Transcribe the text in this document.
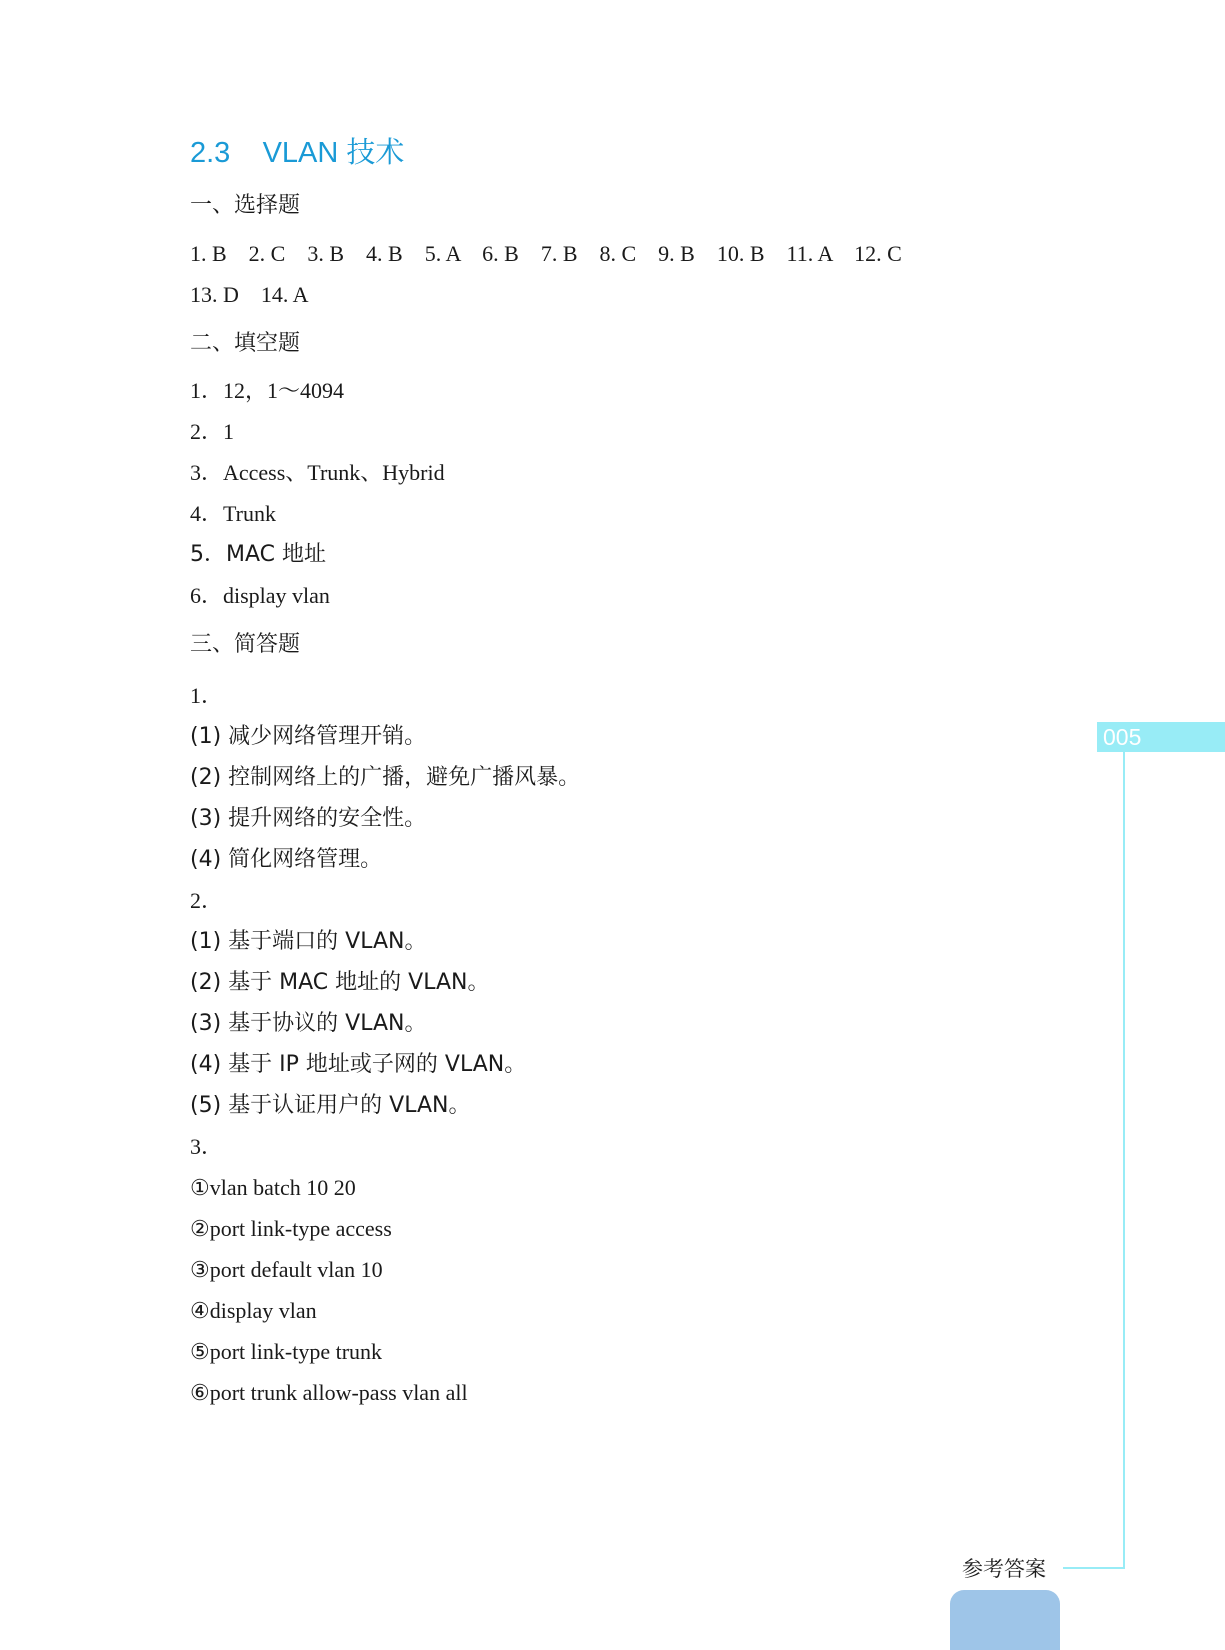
2.3 VLAN 技术
一、选择题
1. B　2. C　3. B　4. B　5. A　6. B　7. B　8. C　9. B　10. B　11. A　12. C
13. D　14. A
二、填空题
1．12，1～4094
2．1
3．Access、Trunk、Hybrid
4．Trunk
5．MAC 地址
6．display vlan
三、简答题
1．
(1) 减少网络管理开销。
(2) 控制网络上的广播，避免广播风暴。
(3) 提升网络的安全性。
(4) 简化网络管理。
2．
(1) 基于端口的 VLAN。
(2) 基于 MAC 地址的 VLAN。
(3) 基于协议的 VLAN。
(4) 基于 IP 地址或子网的 VLAN。
(5) 基于认证用户的 VLAN。
3．
①vlan batch 10 20
②port link-type access
③port default vlan 10
④display vlan
⑤port link-type trunk
⑥port trunk allow-pass vlan all
005
参考答案
